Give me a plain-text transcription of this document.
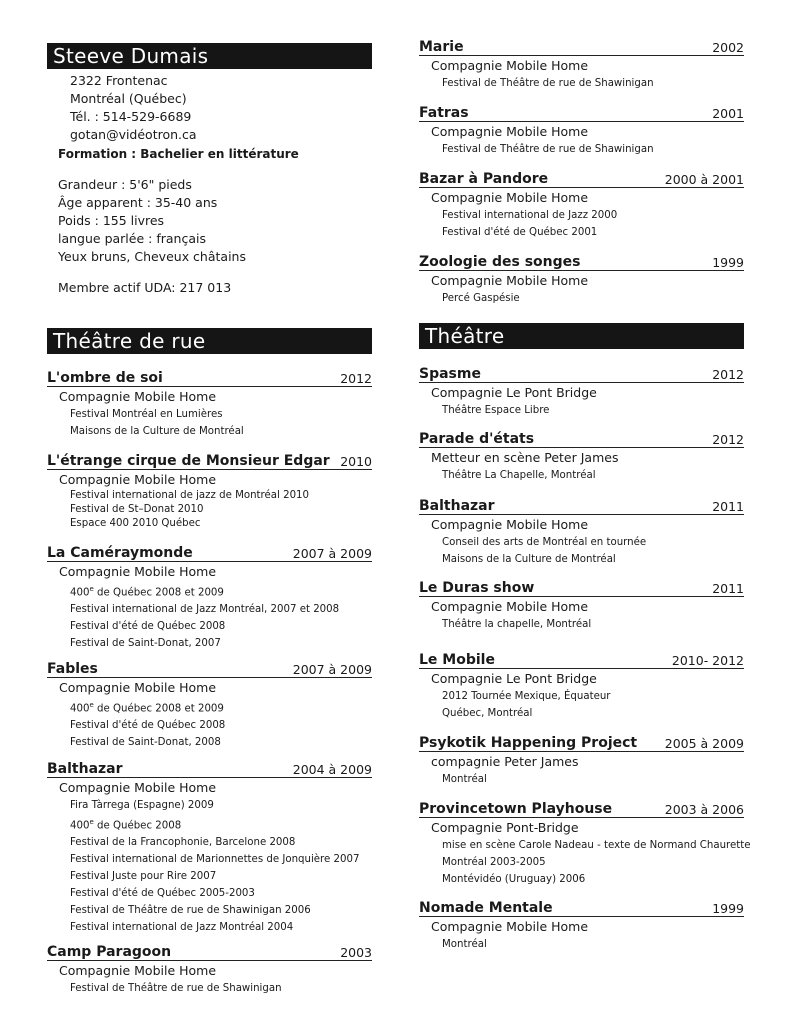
Steeve Dumais
2322 Frontenac
Montréal (Québec)
Tél. : 514-529-6689
gotan@vidéotron.ca
Formation : Bachelier en littérature
Grandeur : 5'6" pieds
Âge apparent : 35-40 ans
Poids : 155 livres
langue parlée : français
Yeux bruns, Cheveux châtains
Membre actif UDA: 217 013
Théâtre de rue
L'ombre de soi	2012
Compagnie Mobile Home
Festival Montréal en Lumières
Maisons de la Culture de Montréal
L'étrange cirque de Monsieur Edgar 2010
Compagnie Mobile Home
Festival international de jazz de Montréal 2010
Festival de St–Donat 2010
Espace 400 2010 Québec
La Caméraymonde	2007 à 2009
Compagnie Mobile Home
400e de Québec 2008 et 2009
Festival international de Jazz Montréal, 2007 et 2008
Festival d'été de Québec 2008
Festival de Saint-Donat, 2007
Fables	2007 à 2009
Compagnie Mobile Home
400e de Québec 2008 et 2009
Festival d'été de Québec 2008
Festival de Saint-Donat, 2008
Balthazar	2004 à 2009
Compagnie Mobile Home
Fira Tàrrega (Espagne) 2009
400e de Québec 2008
Festival de la Francophonie, Barcelone 2008
Festival international de Marionnettes de Jonquière 2007
Festival Juste pour Rire 2007
Festival d'été de Québec 2005-2003
Festival de Théâtre de rue de Shawinigan 2006
Festival international de Jazz Montréal 2004
Camp Paragoon	2003
Compagnie Mobile Home
Festival de Théâtre de rue de Shawinigan
Marie	2002
Compagnie Mobile Home
Festival de Théâtre de rue de Shawinigan
Fatras	2001
Compagnie Mobile Home
Festival de Théâtre de rue de Shawinigan
Bazar à Pandore	2000 à 2001
Compagnie Mobile Home
Festival international de Jazz 2000
Festival d'été de Québec 2001
Zoologie des songes	1999
Compagnie Mobile Home
Percé Gaspésie
Théâtre
Spasme	2012
Compagnie Le Pont Bridge
Théâtre Espace Libre
Parade d'états	2012
Metteur en scène Peter James
Théâtre La Chapelle, Montréal
Balthazar	2011
Compagnie Mobile Home
Conseil des arts de Montréal en tournée
Maisons de la Culture de Montréal
Le Duras show	2011
Compagnie Mobile Home
Théâtre la chapelle, Montréal
Le Mobile	2010- 2012
Compagnie Le Pont Bridge
2012 Tournée Mexique, Équateur
Québec, Montréal
Psykotik Happening Project 2005 à 2009
compagnie Peter James
Montréal
Provincetown Playhouse	2003 à 2006
Compagnie Pont-Bridge
mise en scène Carole Nadeau - texte de Normand Chaurette
Montréal 2003-2005
Montévidéo (Uruguay) 2006
Nomade Mentale	1999
Compagnie Mobile Home
Montréal
